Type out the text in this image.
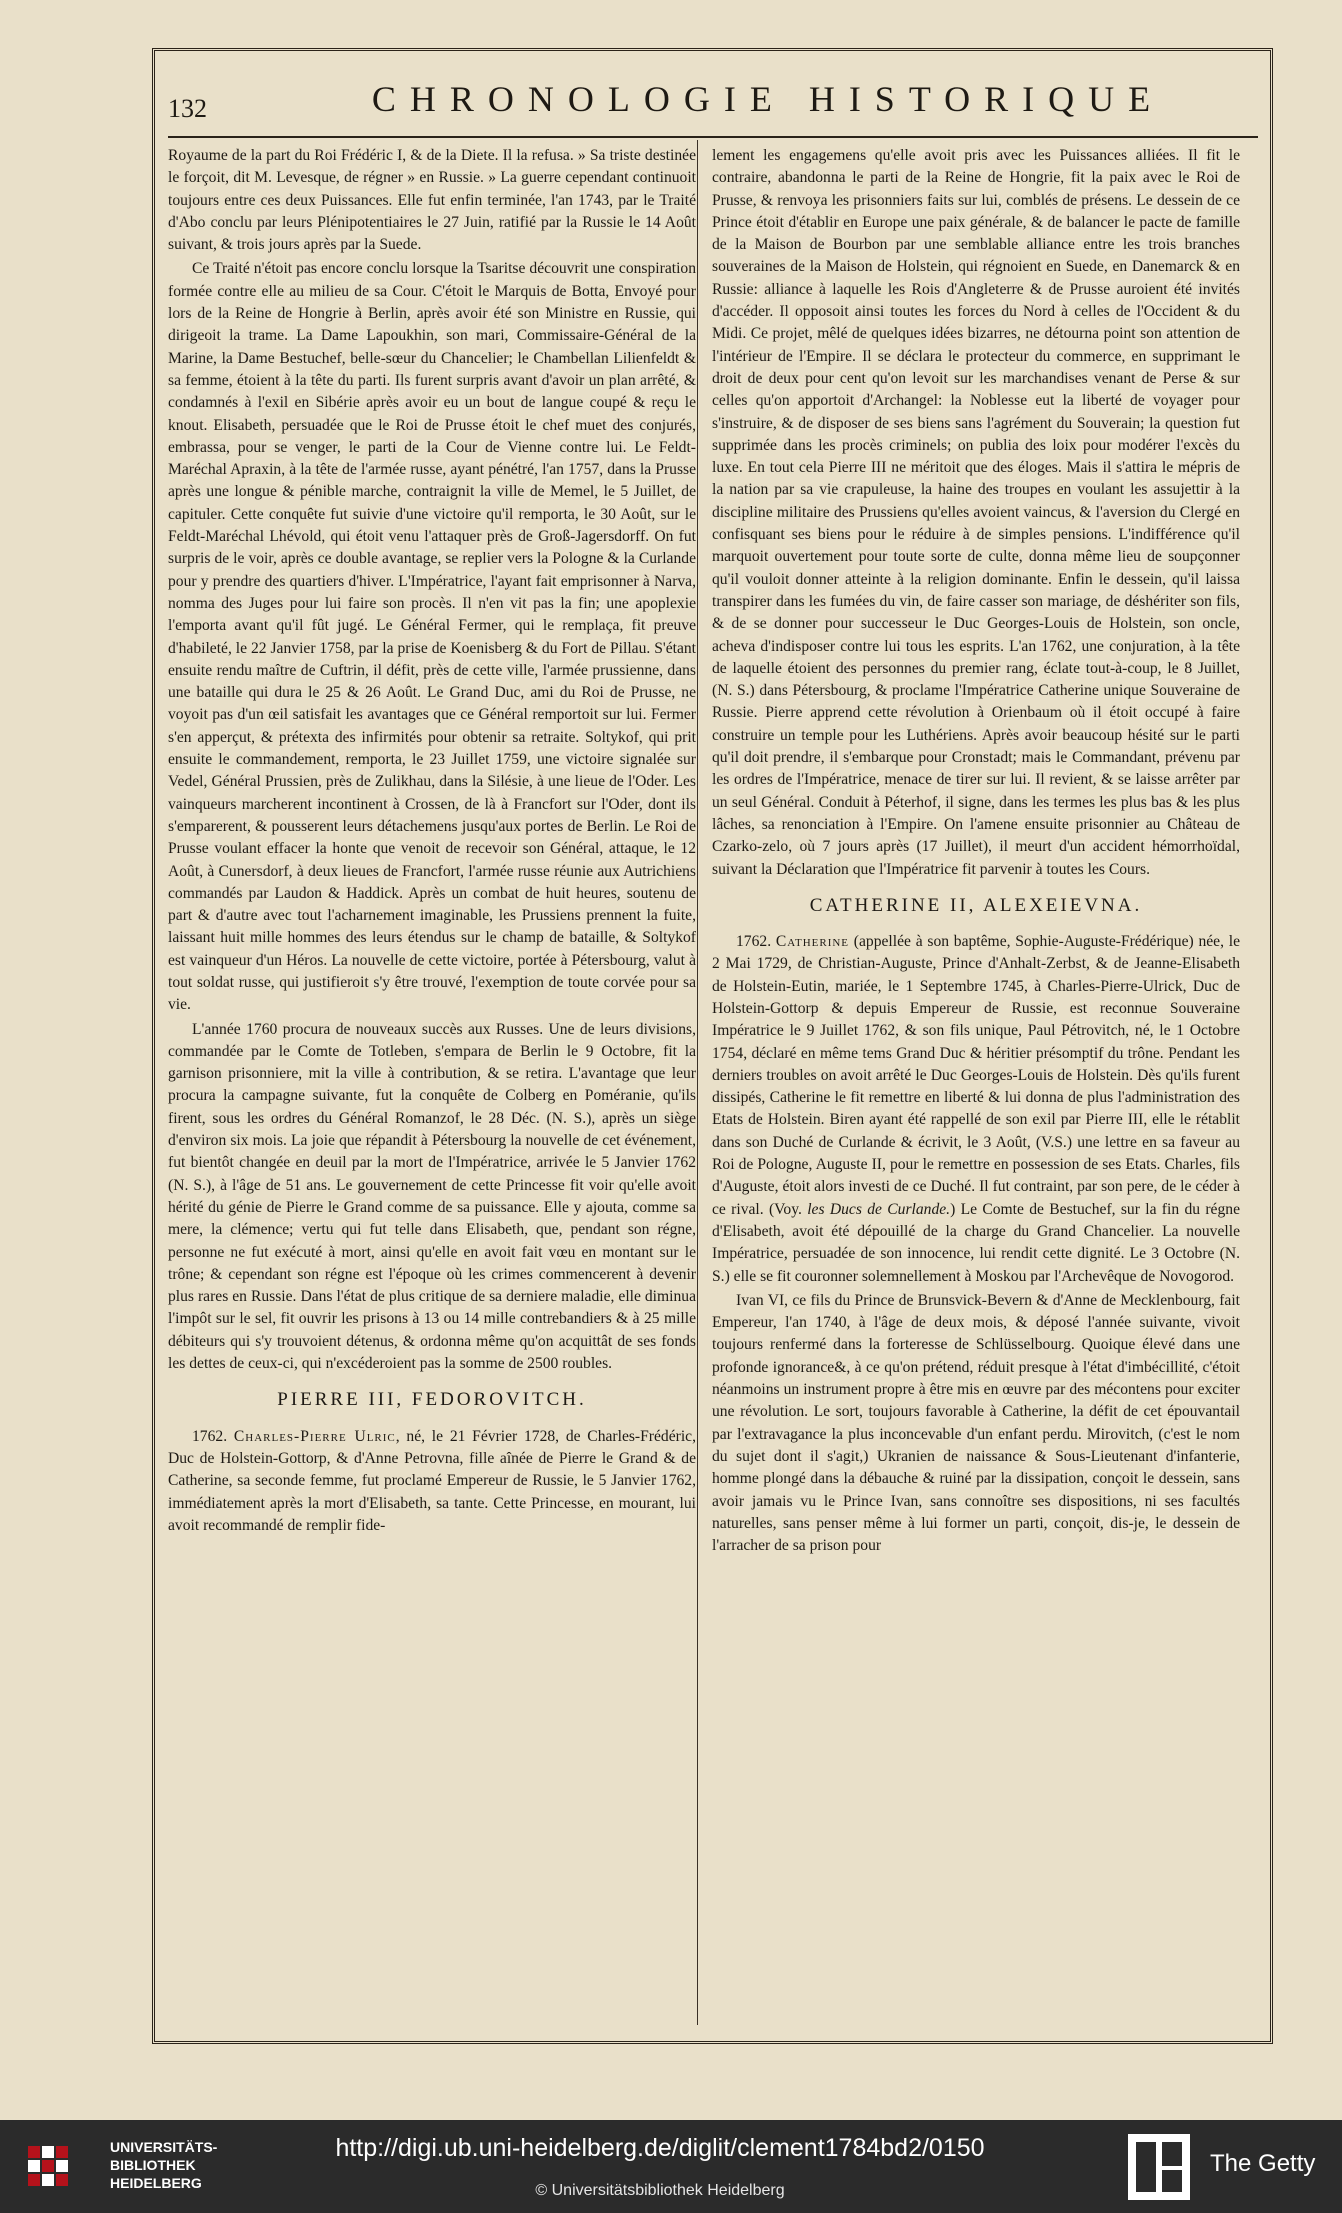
132	CHRONOLOGIE HISTORIQUE

Royaume de la part du Roi Frédéric I, & de la Diete. Il la refusa. » Sa triste destinée le forçoit, dit M. Levesque, de régner » en Russie. » La guerre cependant continuoit toujours entre ces deux Puissances. Elle fut enfin terminée, l'an 1743, par le Traité d'Abo conclu par leurs Plénipotentiaires le 27 Juin, ratifié par la Russie le 14 Août suivant, & trois jours après par la Suede.

Ce Traité n'étoit pas encore conclu lorsque la Tsaritse découvrit une conspiration formée contre elle au milieu de sa Cour. C'étoit le Marquis de Botta, Envoyé pour lors de la Reine de Hongrie à Berlin, après avoir été son Ministre en Russie, qui dirigeoit la trame. La Dame Lapoukhin, son mari, Commissaire-Général de la Marine, la Dame Bestuchef, belle-sœur du Chancelier; le Chambellan Lilienfeldt & sa femme, étoient à la tête du parti. Ils furent surpris avant d'avoir un plan arrêté, & condamnés à l'exil en Sibérie après avoir eu un bout de langue coupé & reçu le knout. Elisabeth, persuadée que le Roi de Prusse étoit le chef muet des conjurés, embrassa, pour se venger, le parti de la Cour de Vienne contre lui. Le Feldt-Maréchal Apraxin, à la tête de l'armée russe, ayant pénétré, l'an 1757, dans la Prusse après une longue & pénible marche, contraignit la ville de Memel, le 5 Juillet, de capituler. Cette conquête fut suivie d'une victoire qu'il remporta, le 30 Août, sur le Feldt-Maréchal Lhévold, qui étoit venu l'attaquer près de Groß-Jagersdorff. On fut surpris de le voir, après ce double avantage, se replier vers la Pologne & la Curlande pour y prendre des quartiers d'hiver. L'Impératrice, l'ayant fait emprisonner à Narva, nomma des Juges pour lui faire son procès. Il n'en vit pas la fin; une apoplexie l'emporta avant qu'il fût jugé. Le Général Fermer, qui le remplaça, fit preuve d'habileté, le 22 Janvier 1758, par la prise de Koenisberg & du Fort de Pillau. S'étant ensuite rendu maître de Cuftrin, il défit, près de cette ville, l'armée prussienne, dans une bataille qui dura le 25 & 26 Août. Le Grand Duc, ami du Roi de Prusse, ne voyoit pas d'un œil satisfait les avantages que ce Général remportoit sur lui. Fermer s'en apperçut, & prétexta des infirmités pour obtenir sa retraite. Soltykof, qui prit ensuite le commandement, remporta, le 23 Juillet 1759, une victoire signalée sur Vedel, Général Prussien, près de Zulikhau, dans la Silésie, à une lieue de l'Oder. Les vainqueurs marcherent incontinent à Crossen, de là à Francfort sur l'Oder, dont ils s'emparerent, & pousserent leurs détachemens jusqu'aux portes de Berlin. Le Roi de Prusse voulant effacer la honte que venoit de recevoir son Général, attaque, le 12 Août, à Cunersdorf, à deux lieues de Francfort, l'armée russe réunie aux Autrichiens commandés par Laudon & Haddick. Après un combat de huit heures, soutenu de part & d'autre avec tout l'acharnement imaginable, les Prussiens prennent la fuite, laissant huit mille hommes des leurs étendus sur le champ de bataille, & Soltykof est vainqueur d'un Héros. La nouvelle de cette victoire, portée à Pétersbourg, valut à tout soldat russe, qui justifieroit s'y être trouvé, l'exemption de toute corvée pour sa vie.

L'année 1760 procura de nouveaux succès aux Russes. Une de leurs divisions, commandée par le Comte de Totleben, s'empara de Berlin le 9 Octobre, fit la garnison prisonniere, mit la ville à contribution, & se retira. L'avantage que leur procura la campagne suivante, fut la conquête de Colberg en Poméranie, qu'ils firent, sous les ordres du Général Romanzof, le 28 Déc. (N. S.), après un siège d'environ six mois. La joie que répandit à Pétersbourg la nouvelle de cet événement, fut bientôt changée en deuil par la mort de l'Impératrice, arrivée le 5 Janvier 1762 (N. S.), à l'âge de 51 ans. Le gouvernement de cette Princesse fit voir qu'elle avoit hérité du génie de Pierre le Grand comme de sa puissance. Elle y ajouta, comme sa mere, la clémence; vertu qui fut telle dans Elisabeth, que, pendant son régne, personne ne fut exécuté à mort, ainsi qu'elle en avoit fait vœu en montant sur le trône; & cependant son régne est l'époque où les crimes commencerent à devenir plus rares en Russie. Dans l'état de plus critique de sa derniere maladie, elle diminua l'impôt sur le sel, fit ouvrir les prisons à 13 ou 14 mille contrebandiers & à 25 mille débiteurs qui s'y trouvoient détenus, & ordonna même qu'on acquittât de ses fonds les dettes de ceux-ci, qui n'excéderoient pas la somme de 2500 roubles.

PIERRE III, FEDOROVITCH.

1762. Charles-Pierre Ulric, né, le 21 Février 1728, de Charles-Frédéric, Duc de Holstein-Gottorp, & d'Anne Petrovna, fille aînée de Pierre le Grand & de Catherine, sa seconde femme, fut proclamé Empereur de Russie, le 5 Janvier 1762, immédiatement après la mort d'Elisabeth, sa tante. Cette Princesse, en mourant, lui avoit recommandé de remplir fide-

lement les engagemens qu'elle avoit pris avec les Puissances alliées. Il fit le contraire, abandonna le parti de la Reine de Hongrie, fit la paix avec le Roi de Prusse, & renvoya les prisonniers faits sur lui, comblés de présens. Le dessein de ce Prince étoit d'établir en Europe une paix générale, & de balancer le pacte de famille de la Maison de Bourbon par une semblable alliance entre les trois branches souveraines de la Maison de Holstein, qui régnoient en Suede, en Danemarck & en Russie: alliance à laquelle les Rois d'Angleterre & de Prusse auroient été invités d'accéder. Il opposoit ainsi toutes les forces du Nord à celles de l'Occident & du Midi. Ce projet, mêlé de quelques idées bizarres, ne détourna point son attention de l'intérieur de l'Empire. Il se déclara le protecteur du commerce, en supprimant le droit de deux pour cent qu'on levoit sur les marchandises venant de Perse & sur celles qu'on apportoit d'Archangel: la Noblesse eut la liberté de voyager pour s'instruire, & de disposer de ses biens sans l'agrément du Souverain; la question fut supprimée dans les procès criminels; on publia des loix pour modérer l'excès du luxe. En tout cela Pierre III ne méritoit que des éloges. Mais il s'attira le mépris de la nation par sa vie crapuleuse, la haine des troupes en voulant les assujettir à la discipline militaire des Prussiens qu'elles avoient vaincus, & l'aversion du Clergé en confisquant ses biens pour le réduire à de simples pensions. L'indifférence qu'il marquoit ouvertement pour toute sorte de culte, donna même lieu de soupçonner qu'il vouloit donner atteinte à la religion dominante. Enfin le dessein, qu'il laissa transpirer dans les fumées du vin, de faire casser son mariage, de déshériter son fils, & de se donner pour successeur le Duc Georges-Louis de Holstein, son oncle, acheva d'indisposer contre lui tous les esprits. L'an 1762, une conjuration, à la tête de laquelle étoient des personnes du premier rang, éclate tout-à-coup, le 8 Juillet, (N. S.) dans Pétersbourg, & proclame l'Impératrice Catherine unique Souveraine de Russie. Pierre apprend cette révolution à Orienbaum où il étoit occupé à faire construire un temple pour les Luthériens. Après avoir beaucoup hésité sur le parti qu'il doit prendre, il s'embarque pour Cronstadt; mais le Commandant, prévenu par les ordres de l'Impératrice, menace de tirer sur lui. Il revient, & se laisse arrêter par un seul Général. Conduit à Péterhof, il signe, dans les termes les plus bas & les plus lâches, sa renonciation à l'Empire. On l'amene ensuite prisonnier au Château de Czarko-zelo, où 7 jours après (17 Juillet), il meurt d'un accident hémorrhoïdal, suivant la Déclaration que l'Impératrice fit parvenir à toutes les Cours.

CATHERINE II, ALEXEIEVNA.

1762. Catherine (appellée à son baptême, Sophie-Auguste-Frédérique) née, le 2 Mai 1729, de Christian-Auguste, Prince d'Anhalt-Zerbst, & de Jeanne-Elisabeth de Holstein-Eutin, mariée, le 1 Septembre 1745, à Charles-Pierre-Ulrick, Duc de Holstein-Gottorp & depuis Empereur de Russie, est reconnue Souveraine Impératrice le 9 Juillet 1762, & son fils unique, Paul Pétrovitch, né, le 1 Octobre 1754, déclaré en même tems Grand Duc & héritier présomptif du trône. Pendant les derniers troubles on avoit arrêté le Duc Georges-Louis de Holstein. Dès qu'ils furent dissipés, Catherine le fit remettre en liberté & lui donna de plus l'administration des Etats de Holstein. Biren ayant été rappellé de son exil par Pierre III, elle le rétablit dans son Duché de Curlande & écrivit, le 3 Août, (V.S.) une lettre en sa faveur au Roi de Pologne, Auguste II, pour le remettre en possession de ses Etats. Charles, fils d'Auguste, étoit alors investi de ce Duché. Il fut contraint, par son pere, de le céder à ce rival. (Voy. les Ducs de Curlande.) Le Comte de Bestuchef, sur la fin du régne d'Elisabeth, avoit été dépouillé de la charge du Grand Chancelier. La nouvelle Impératrice, persuadée de son innocence, lui rendit cette dignité. Le 3 Octobre (N. S.) elle se fit couronner solemnellement à Moskou par l'Archevêque de Novogorod.

Ivan VI, ce fils du Prince de Brunsvick-Bevern & d'Anne de Mecklenbourg, fait Empereur, l'an 1740, à l'âge de deux mois, & déposé l'année suivante, vivoit toujours renfermé dans la forteresse de Schlüsselbourg. Quoique élevé dans une profonde ignorance&, à ce qu'on prétend, réduit presque à l'état d'imbécillité, c'étoit néanmoins un instrument propre à être mis en œuvre par des mécontens pour exciter une révolution. Le sort, toujours favorable à Catherine, la défit de cet épouvantail par l'extravagance la plus inconcevable d'un enfant perdu. Mirovitch, (c'est le nom du sujet dont il s'agit,) Ukranien de naissance & Sous-Lieutenant d'infanterie, homme plongé dans la débauche & ruiné par la dissipation, conçoit le dessein, sans avoir jamais vu le Prince Ivan, sans connoître ses dispositions, ni ses facultés naturelles, sans penser même à lui former un parti, conçoit, dis-je, le dessein de l'arracher de sa prison pour

UNIVERSITÄTS-
BIBLIOTHEK
HEIDELBERG
http://digi.ub.uni-heidelberg.de/diglit/clement1784bd2/0150
© Universitätsbibliothek Heidelberg
The Getty
